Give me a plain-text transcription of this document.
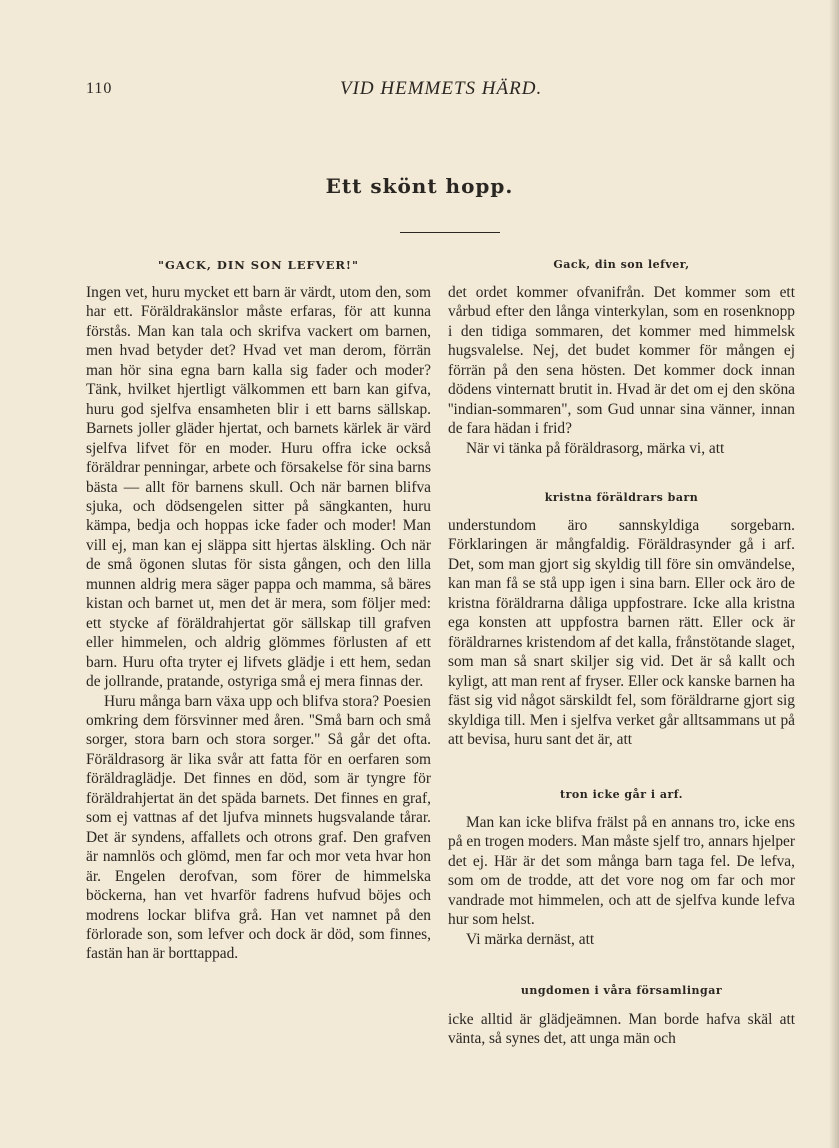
110	VID HEMMETS HÄRD.
Ett skönt hopp.
"GACK, DIN SON LEFVER!"

Ingen vet, huru mycket ett barn är värdt, utom den, som har ett. Föräldrakänslor måste erfaras, för att kunna förstås. Man kan tala och skrifva vackert om barnen, men hvad betyder det? Hvad vet man derom, förrän man hör sina egna barn kalla sig fader och moder? Tänk, hvilket hjertligt välkommen ett barn kan gifva, huru god sjelfva ensamheten blir i ett barns sällskap. Barnets joller gläder hjertat, och barnets kärlek är värd sjelfva lifvet för en moder. Huru offra icke också föräldrar penningar, arbete och försakelse för sina barns bästa — allt för barnens skull. Och när barnen blifva sjuka, och dödsengelen sitter på sängkanten, huru kämpa, bedja och hoppas icke fader och moder! Man vill ej, man kan ej släppa sitt hjertas älskling. Och när de små ögonen slutas för sista gången, och den lilla munnen aldrig mera säger pappa och mamma, så bäres kistan och barnet ut, men det är mera, som följer med: ett stycke af föräldrahjertat gör sällskap till grafven eller himmelen, och aldrig glömmes förlusten af ett barn. Huru ofta tryter ej lifvets glädje i ett hem, sedan de jollrande, pratande, ostyriga små ej mera finnas der.

Huru många barn växa upp och blifva stora? Poesien omkring dem försvinner med åren. ''Små barn och små sorger, stora barn och stora sorger." Så går det ofta. Föräldrasorg är lika svår att fatta för en oerfaren som föräldraglädje. Det finnes en död, som är tyngre för föräldrahjertat än det späda barnets. Det finnes en graf, som ej vattnas af det ljufva minnets hugsvalande tårar. Det är syndens, affallets och otrons graf. Den grafven är namnlös och glömd, men far och mor veta hvar hon är. Engelen derofvan, som förer de himmelska böckerna, han vet hvarför fadrens hufvud böjes och modrens lockar blifva grå. Han vet namnet på den förlorade son, som lefver och dock är död, som finnes, fastän han är borttappad.

Gack, din son lefver,
kristna föräldrars barn
tron icke går i arf.
ungdomen i våra församlingar

det ordet kommer ofvanifrån. Det kommer som ett vårbud efter den långa vinterkylan, som en rosenknopp i den tidiga sommaren, det kommer med himmelsk hugsvalelse. Nej, det budet kommer för mången ej förrän på den sena hösten. Det kommer dock innan dödens vinternatt brutit in. Hvad är det om ej den sköna ''indian-sommaren", som Gud unnar sina vänner, innan de fara hädan i frid?

När vi tänka på föräldrasorg, märka vi, att

understundom äro sannskyldiga sorgebarn. Förklaringen är mångfaldig. Föräldrasynder gå i arf. Det, som man gjort sig skyldig till före sin omvändelse, kan man få se stå upp igen i sina barn. Eller ock äro de kristna föräldrarna dåliga uppfostrare. Icke alla kristna ega konsten att uppfostra barnen rätt. Eller ock är föräldrarnes kristendom af det kalla, frånstötande slaget, som man så snart skiljer sig vid. Det är så kallt och kyligt, att man rent af fryser. Eller ock kanske barnen ha fäst sig vid något särskildt fel, som föräldrarne gjort sig skyldiga till. Men i sjelfva verket går alltsammans ut på att bevisa, huru sant det är, att

Man kan icke blifva frälst på en annans tro, icke ens på en trogen moders. Man måste sjelf tro, annars hjelper det ej. Här är det som många barn taga fel. De lefva, som om de trodde, att det vore nog om far och mor vandrade mot himmelen, och att de sjelfva kunde lefva hur som helst.

Vi märka dernäst, att

icke alltid är glädjeämnen. Man borde hafva skäl att vänta, så synes det, att unga män och
